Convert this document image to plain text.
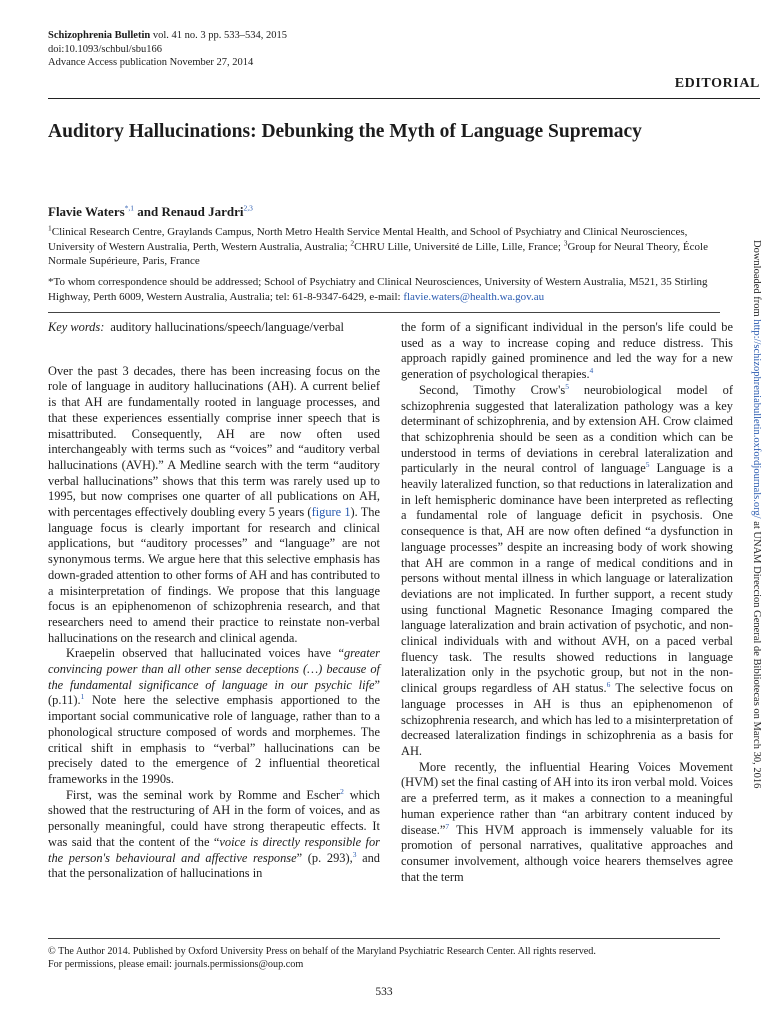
Schizophrenia Bulletin vol. 41 no. 3 pp. 533–534, 2015
doi:10.1093/schbul/sbu166
Advance Access publication November 27, 2014
EDITORIAL
Auditory Hallucinations: Debunking the Myth of Language Supremacy
Flavie Waters$^{*,1}$ and Renaud Jardri$^{2,3}$
$^1$Clinical Research Centre, Graylands Campus, North Metro Health Service Mental Health, and School of Psychiatry and Clinical Neurosciences, University of Western Australia, Perth, Western Australia, Australia; $^2$CHRU Lille, Université de Lille, Lille, France; $^3$Group for Neural Theory, École Normale Supérieure, Paris, France
*To whom correspondence should be addressed; School of Psychiatry and Clinical Neurosciences, University of Western Australia, M521, 35 Stirling Highway, Perth 6009, Western Australia, Australia; tel: 61-8-9347-6429, e-mail: flavie.waters@health.wa.gov.au

Key words: auditory hallucinations/speech/language/verbal

Over the past 3 decades, there has been increasing focus on the role of language in auditory hallucinations (AH). A current belief is that AH are fundamentally rooted in language processes, and that these experiences essentially comprise inner speech that is misattributed. Consequently, AH are now often used interchangeably with terms such as “voices” and “auditory verbal hallucinations (AVH).” A Medline search with the term “auditory verbal hallucinations” shows that this term was rarely used up to 1995, but now comprises one quarter of all publications on AH, with percentages effectively doubling every 5 years (figure 1). The language focus is clearly important for research and clinical applications, but “auditory processes” and “language” are not synonymous terms. We argue here that this selective emphasis has down-graded attention to other forms of AH and has contributed to a misinterpretation of findings. We propose that this language focus is an epiphenomenon of schizophrenia research, and that researchers need to amend their practice to reinstate non-verbal hallucinations on the research and clinical agenda.

Kraepelin observed that hallucinated voices have “greater convincing power than all other sense deceptions (…) because of the fundamental significance of language in our psychic life” (p.11).$^1$ Note here the selective emphasis apportioned to the important social communicative role of language, rather than to a phonological structure composed of words and morphemes. The critical shift in emphasis to “verbal” hallucinations can be precisely dated to the emergence of 2 influential theoretical frameworks in the 1990s.

First, was the seminal work by Romme and Escher$^2$ which showed that the restructuring of AH in the form of voices, and as personally meaningful, could have strong therapeutic effects. It was said that the content of the “voice is directly responsible for the person's behavioural and affective response” (p. 293),$^3$ and that the personalization of hallucinations in

the form of a significant individual in the person's life could be used as a way to increase coping and reduce distress. This approach rapidly gained prominence and led the way for a new generation of psychological therapies.$^4$

Second, Timothy $Crow's^5$ neurobiological model of schizophrenia suggested that lateralization pathology was a key determinant of schizophrenia, and by extension AH. Crow claimed that schizophrenia should be seen as a condition which can be understood in terms of deviations in cerebral lateralization and particularly in the neural control of language$^5$ Language is a heavily lateralized function, so that reductions in lateralization and in left hemispheric dominance have been interpreted as reflecting a fundamental role of language deficit in psychosis. One consequence is that, AH are now often defined “a dysfunction in language processes” despite an increasing body of work showing that AH are common in a range of medical conditions and in persons without mental illness in which language or lateralization deviations are not implicated. In further support, a recent study using functional Magnetic Resonance Imaging compared the language lateralization and brain activation of psychotic, and non-clinical individuals with and without AVH, on a paced verbal fluency task. The results showed reductions in language lateralization only in the psychotic group, but not in the non-clinical groups regardless of AH status.$^6$ The selective focus on language processes in AH is thus an epiphenomenon of schizophrenia research, and which has led to a misinterpretation of decreased lateralization findings in schizophrenia as a basis for AH.

More recently, the influential Hearing Voices Movement (HVM) set the final casting of AH into its iron verbal mold. Voices are a preferred term, as it makes a connection to a meaningful human experience rather than “an arbitrary content induced by disease.”$^7$ This HVM approach is immensely valuable for its promotion of personal narratives, qualitative approaches and consumer involvement, although voice hearers themselves agree that the term

Downloaded from http://schizophreniabulletin.oxfordjournals.org/ at UNAM Direccion General de Bibliotecas on March 30, 2016
© The Author 2014. Published by Oxford University Press on behalf of the Maryland Psychiatric Research Center. All rights reserved.
For permissions, please email: journals.permissions@oup.com
533
